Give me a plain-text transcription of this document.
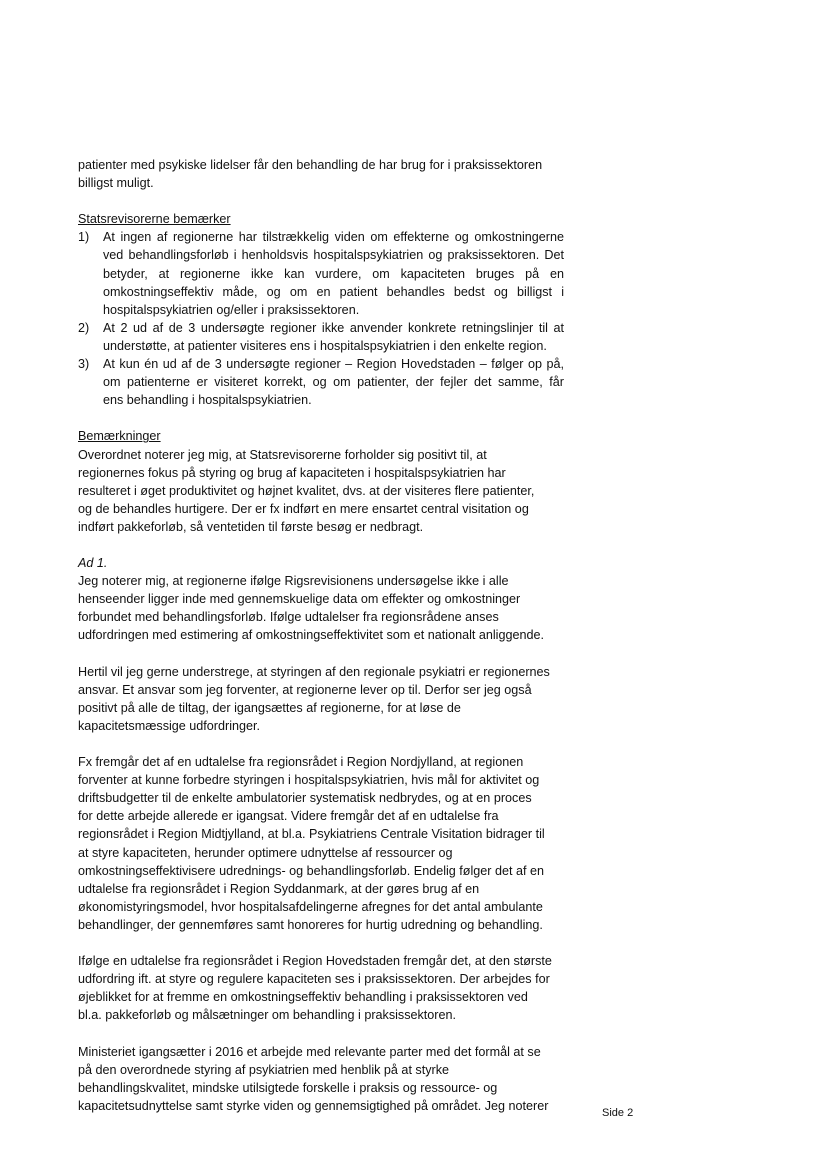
patienter med psykiske lidelser får den behandling de har brug for i praksissektoren
billigst muligt.
Statsrevisorerne bemærker
1) At ingen af regionerne har tilstrækkelig viden om effekterne og omkostningerne
ved behandlingsforløb i henholdsvis hospitalspsykiatrien og praksissektoren. Det
betyder, at regionerne ikke kan vurdere, om kapaciteten bruges på en
omkostningseffektiv måde, og om en patient behandles bedst og billigst i
hospitalspsykiatrien og/eller i praksissektoren.
2) At 2 ud af de 3 undersøgte regioner ikke anvender konkrete retningslinjer til at
understøtte, at patienter visiteres ens i hospitalspsykiatrien i den enkelte region.
3) At kun én ud af de 3 undersøgte regioner – Region Hovedstaden – følger op på,
om patienterne er visiteret korrekt, og om patienter, der fejler det samme, får
ens behandling i hospitalspsykiatrien.
Bemærkninger
Overordnet noterer jeg mig, at Statsrevisorerne forholder sig positivt til, at
regionernes fokus på styring og brug af kapaciteten i hospitalspsykiatrien har
resulteret i øget produktivitet og højnet kvalitet, dvs. at der visiteres flere patienter,
og de behandles hurtigere. Der er fx indført en mere ensartet central visitation og
indført pakkeforløb, så ventetiden til første besøg er nedbragt.
Ad 1.
Jeg noterer mig, at regionerne ifølge Rigsrevisionens undersøgelse ikke i alle
henseender ligger inde med gennemskuelige data om effekter og omkostninger
forbundet med behandlingsforløb. Ifølge udtalelser fra regionsrådene anses
udfordringen med estimering af omkostningseffektivitet som et nationalt anliggende.
Hertil vil jeg gerne understrege, at styringen af den regionale psykiatri er regionernes
ansvar. Et ansvar som jeg forventer, at regionerne lever op til. Derfor ser jeg også
positivt på alle de tiltag, der igangsættes af regionerne, for at løse de
kapacitetsmæssige udfordringer.
Fx fremgår det af en udtalelse fra regionsrådet i Region Nordjylland, at regionen
forventer at kunne forbedre styringen i hospitalspsykiatrien, hvis mål for aktivitet og
driftsbudgetter til de enkelte ambulatorier systematisk nedbrydes, og at en proces
for dette arbejde allerede er igangsat. Videre fremgår det af en udtalelse fra
regionsrådet i Region Midtjylland, at bl.a. Psykiatriens Centrale Visitation bidrager til
at styre kapaciteten, herunder optimere udnyttelse af ressourcer og
omkostningseffektivisere udrednings- og behandlingsforløb. Endelig følger det af en
udtalelse fra regionsrådet i Region Syddanmark, at der gøres brug af en
økonomistyringsmodel, hvor hospitalsafdelingerne afregnes for det antal ambulante
behandlinger, der gennemføres samt honoreres for hurtig udredning og behandling.
Ifølge en udtalelse fra regionsrådet i Region Hovedstaden fremgår det, at den største
udfordring ift. at styre og regulere kapaciteten ses i praksissektoren. Der arbejdes for
øjeblikket for at fremme en omkostningseffektiv behandling i praksissektoren ved
bl.a. pakkeforløb og målsætninger om behandling i praksissektoren.
Ministeriet igangsætter i 2016 et arbejde med relevante parter med det formål at se
på den overordnede styring af psykiatrien med henblik på at styrke
behandlingskvalitet, mindske utilsigtede forskelle i praksis og ressource- og
kapacitetsudnyttelse samt styrke viden og gennemsigtighed på området. Jeg noterer
Side 2
